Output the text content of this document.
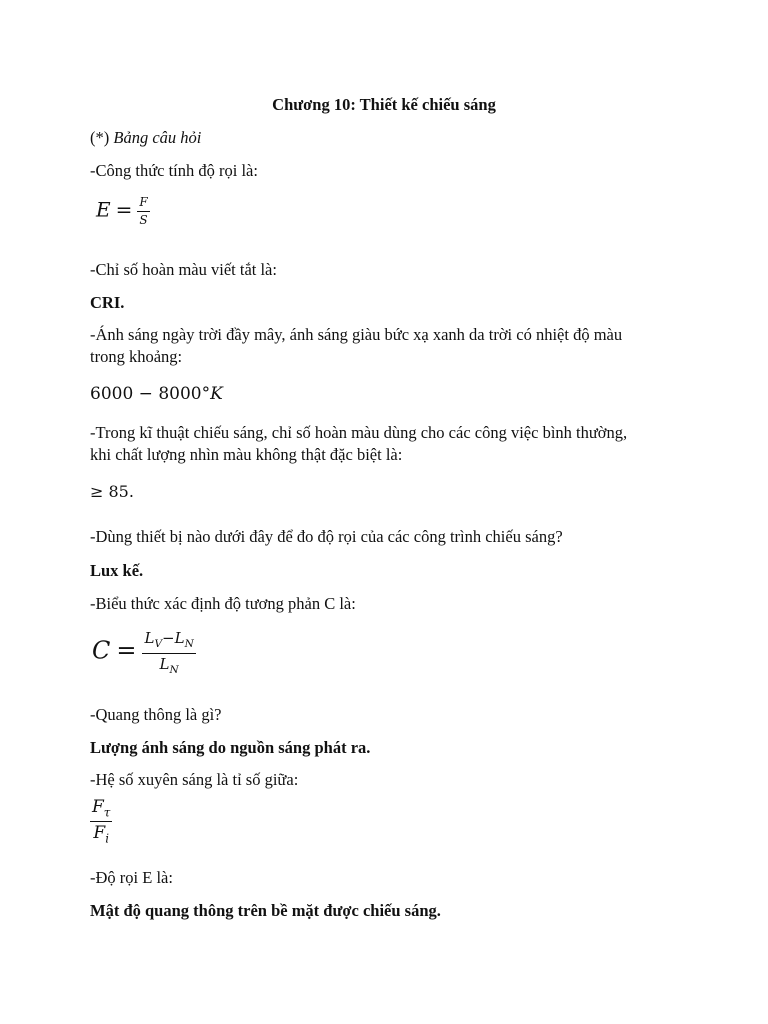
Chương 10: Thiết kế chiếu sáng
(*) Bảng câu hỏi
-Công thức tính độ rọi là:
$E = \frac{F}{S}$
-Chỉ số hoàn màu viết tắt là:
CRI.
-Ánh sáng ngày trời đầy mây, ánh sáng giàu bức xạ xanh da trời có nhiệt độ màu
trong khoảng:
6000 − 8000°K
-Trong kĩ thuật chiếu sáng, chỉ số hoàn màu dùng cho các công việc bình thường,
khi chất lượng nhìn màu không thật đặc biệt là:
≥ 85.
-Dùng thiết bị nào dưới đây để đo độ rọi của các công trình chiếu sáng?
Lux kế.
-Biểu thức xác định độ tương phản C là:
$C = \frac{L_V-L_N}{L_N}$
-Quang thông là gì?
Lượng ánh sáng do nguồn sáng phát ra.
-Hệ số xuyên sáng là tỉ số giữa:
$\frac{F_\tau}{F_i}$
-Độ rọi E là:
Mật độ quang thông trên bề mặt được chiếu sáng.
